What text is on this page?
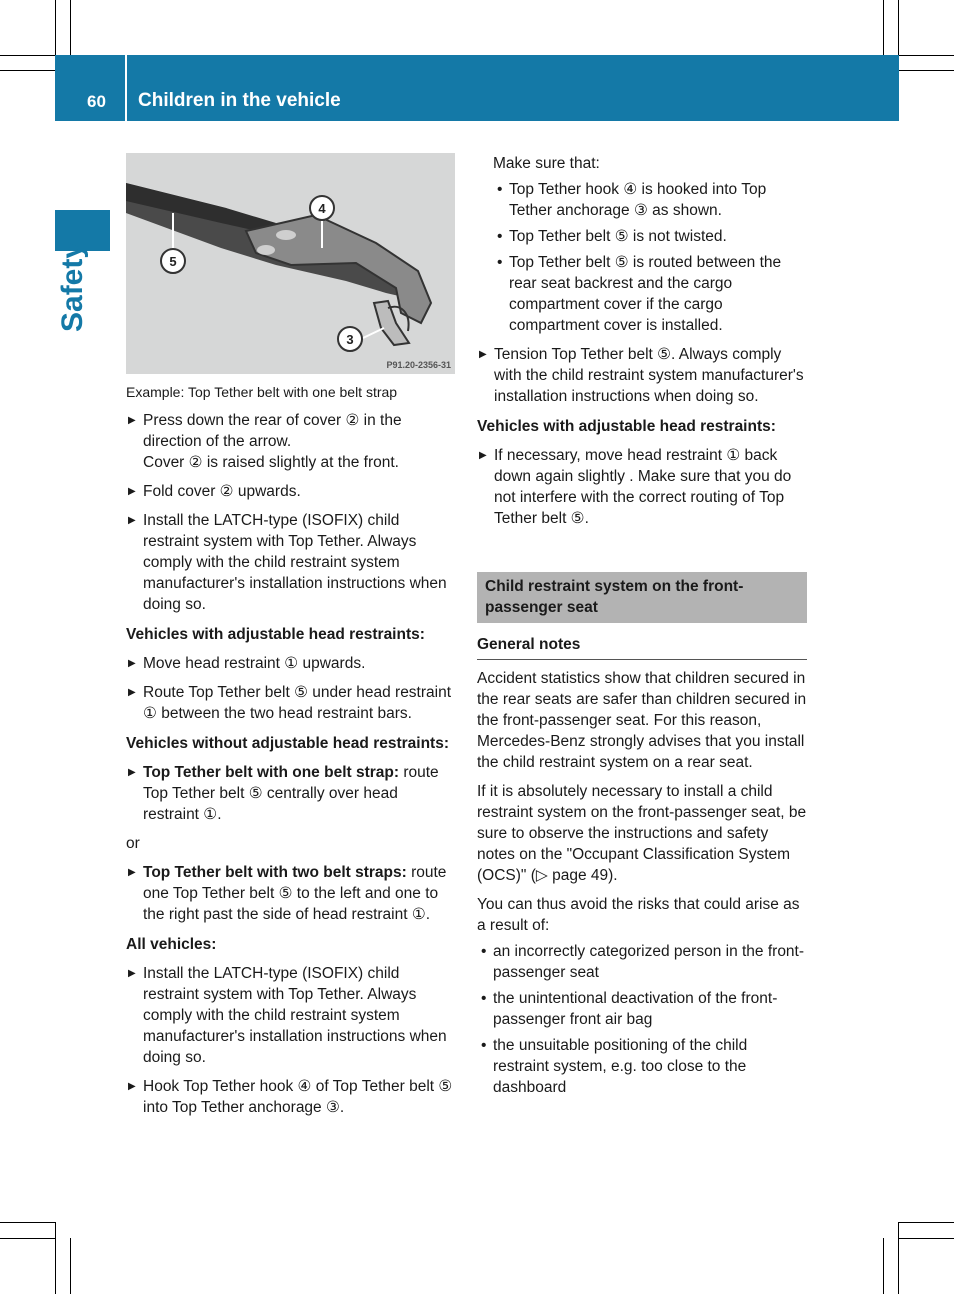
60 Children in the vehicle
Safety
4
5
3
P91.20-2356-31
Example: Top Tether belt with one belt strap
▶ Press down the rear of cover ② in the direction of the arrow.
Cover ② is raised slightly at the front.
▶ Fold cover ② upwards.
▶ Install the LATCH-type (ISOFIX) child restraint system with Top Tether. Always comply with the child restraint system manufacturer's installation instructions when doing so.
Vehicles with adjustable head restraints:
▶ Move head restraint ① upwards.
▶ Route Top Tether belt ⑤ under head restraint ① between the two head restraint bars.
Vehicles without adjustable head restraints:
▶ Top Tether belt with one belt strap: route Top Tether belt ⑤ centrally over head restraint ①.
or
▶ Top Tether belt with two belt straps: route one Top Tether belt ⑤ to the left and one to the right past the side of head restraint ①.
All vehicles:
▶ Install the LATCH-type (ISOFIX) child restraint system with Top Tether. Always comply with the child restraint system manufacturer's installation instructions when doing so.
▶ Hook Top Tether hook ④ of Top Tether belt ⑤ into Top Tether anchorage ③.
Make sure that:
• Top Tether hook ④ is hooked into Top Tether anchorage ③ as shown.
• Top Tether belt ⑤ is not twisted.
• Top Tether belt ⑤ is routed between the rear seat backrest and the cargo compartment cover if the cargo compartment cover is installed.
▶ Tension Top Tether belt ⑤. Always comply with the child restraint system manufacturer's installation instructions when doing so.
Vehicles with adjustable head restraints:
▶ If necessary, move head restraint ① back down again slightly . Make sure that you do not interfere with the correct routing of Top Tether belt ⑤.
Child restraint system on the front-passenger seat
General notes
Accident statistics show that children secured in the rear seats are safer than children secured in the front-passenger seat. For this reason, Mercedes-Benz strongly advises that you install the child restraint system on a rear seat.
If it is absolutely necessary to install a child restraint system on the front-passenger seat, be sure to observe the instructions and safety notes on the "Occupant Classification System (OCS)" (▷ page 49).
You can thus avoid the risks that could arise as a result of:
• an incorrectly categorized person in the front-passenger seat
• the unintentional deactivation of the front-passenger front air bag
• the unsuitable positioning of the child restraint system, e.g. too close to the dashboard
